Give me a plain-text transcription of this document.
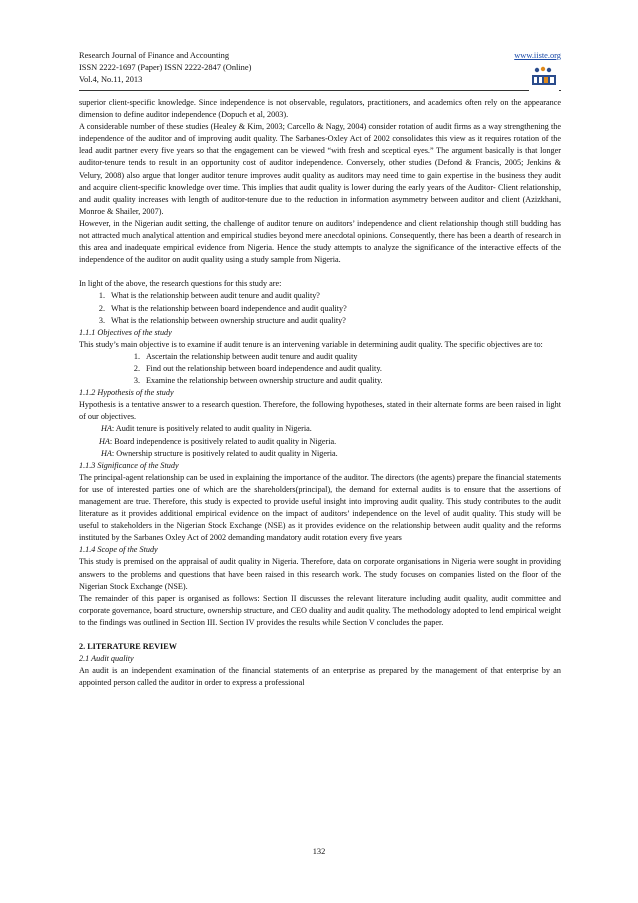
Research Journal of Finance and Accounting
ISSN 2222-1697 (Paper) ISSN 2222-2847 (Online)
Vol.4, No.11, 2013
www.iiste.org

superior client-specific knowledge. Since independence is not observable, regulators, practitioners, and academics often rely on the appearance dimension to define auditor independence (Dopuch et al, 2003).

A considerable number of these studies (Healey & Kim, 2003; Carcello & Nagy, 2004) consider rotation of audit firms as a way strengthening the independence of the auditor and of improving audit quality. The Sarbanes-Oxley Act of 2002 consolidates this view as it requires rotation of the lead audit partner every five years so that the engagement can be viewed “with fresh and sceptical eyes.” The argument basically is that longer auditor-tenure tends to result in an opportunity cost of auditor independence. Conversely, other studies (Defond & Francis, 2005; Jenkins & Velury, 2008) also argue that longer auditor tenure improves audit quality as auditors may need time to gain expertise in the business they audit and acquire client-specific knowledge over time. This implies that audit quality is lower during the early years of the Auditor- Client relationship, and audit quality increases with length of auditor-tenure due to the reduction in information asymmetry between auditor and client (Azizkhani, Monroe & Shailer, 2007).

However, in the Nigerian audit setting, the challenge of auditor tenure on auditors’ independence and client relationship though still budding has not attracted much analytical attention and empirical studies beyond mere anecdotal opinions. Consequently, there has been a dearth of research in this area and inadequate empirical evidence from Nigeria. Hence the study attempts to analyze the significance of the interactive effects of the independence of the auditor on audit quality using a study sample from Nigeria.

In light of the above, the research questions for this study are:

1. What is the relationship between audit tenure and audit quality?
2. What is the relationship between board independence and audit quality?
3. What is the relationship between ownership structure and audit quality?

1.1.1 Objectives of the study

This study’s main objective is to examine if audit tenure is an intervening variable in determining audit quality. The specific objectives are to:

1. Ascertain the relationship between audit tenure and audit quality
2. Find out the relationship between board independence and audit quality.
3. Examine the relationship between ownership structure and audit quality.

1.1.2 Hypothesis of the study

Hypothesis is a tentative answer to a research question. Therefore, the following hypotheses, stated in their alternate forms are been raised in light of our objectives.

HA: Audit tenure is positively related to audit quality in Nigeria.

HA: Board independence is positively related to audit quality in Nigeria.

HA: Ownership structure is positively related to audit quality in Nigeria.

1.1.3 Significance of the Study

The principal-agent relationship can be used in explaining the importance of the auditor. The directors (the agents) prepare the financial statements for use of interested parties one of which are the shareholders(principal), the demand for external audits is to ensure that the assertions of management are true. Therefore, this study is expected to provide useful insight into improving audit quality. This study contributes to the audit literature as it provides additional empirical evidence on the impact of auditors’ independence on the level of audit quality. This study will be useful to stakeholders in the Nigerian Stock Exchange (NSE) as it provides evidence on the relationship between audit quality and the reforms instituted by the Sarbanes Oxley Act of 2002 demanding mandatory audit rotation every five years

1.1.4 Scope of the Study

This study is premised on the appraisal of audit quality in Nigeria. Therefore, data on corporate organisations in Nigeria were sought in providing answers to the problems and questions that have been raised in this research work. The study focuses on companies listed on the floor of the Nigerian Stock Exchange (NSE).

The remainder of this paper is organised as follows: Section II discusses the relevant literature including audit quality, audit committee and corporate governance, board structure, ownership structure, and CEO duality and audit quality. The methodology adopted to lend empirical weight to the findings was outlined in Section III. Section IV provides the results while Section V concludes the paper.

2. LITERATURE REVIEW

2.1 Audit quality

An audit is an independent examination of the financial statements of an enterprise as prepared by the management of that enterprise by an appointed person called the auditor in order to express a professional

132
